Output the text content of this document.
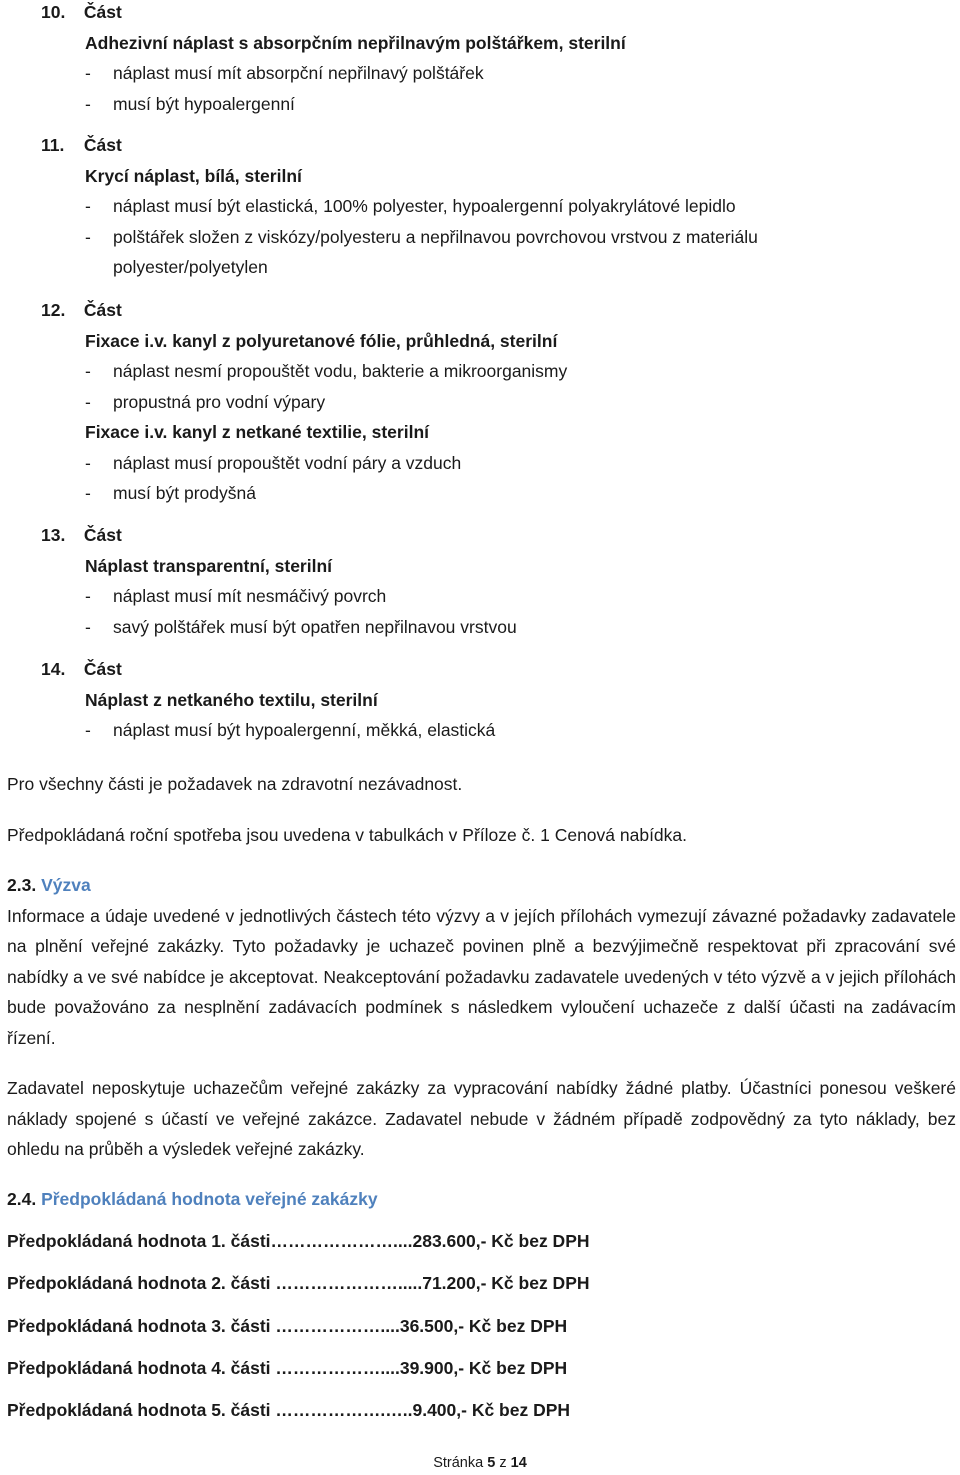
10. Část
Adhezivní náplast s absorpčním nepřilnavým polštářkem, sterilní
- náplast musí mít absorpční nepřilnavý polštářek
- musí být hypoalergenní
11. Část
Krycí náplast, bílá, sterilní
- náplast musí být elastická, 100% polyester, hypoalergenní polyakrylátové lepidlo
- polštářek složen z viskózy/polyesteru a nepřilnavou povrchovou vrstvou z materiálu polyester/polyetylen
12. Část
Fixace i.v. kanyl z polyuretanové fólie, průhledná, sterilní
- náplast nesmí propouštět vodu, bakterie a mikroorganismy
- propustná pro vodní výpary
Fixace i.v. kanyl z netkané textilie, sterilní
- náplast musí propouštět vodní páry a vzduch
- musí být prodyšná
13. Část
Náplast transparentní, sterilní
- náplast musí mít nesmáčivý povrch
- savý polštářek musí být opatřen nepřilnavou vrstvou
14. Část
Náplast z netkaného textilu, sterilní
- náplast musí být hypoalergenní, měkká, elastická
Pro všechny části je požadavek na zdravotní nezávadnost.
Předpokládaná roční spotřeba jsou uvedena v tabulkách v Příloze č. 1 Cenová nabídka.
2.3. Výzva

Informace a údaje uvedené v jednotlivých částech této výzvy a v jejích přílohách vymezují závazné požadavky zadavatele na plnění veřejné zakázky. Tyto požadavky je uchazeč povinen plně a bezvýjimečně respektovat při zpracování své nabídky a ve své nabídce je akceptovat. Neakceptování požadavku zadavatele uvedených v této výzvě a v jejich přílohách bude považováno za nesplnění zadávacích podmínek s následkem vyloučení uchazeče z další účasti na zadávacím řízení.

Zadavatel neposkytuje uchazečům veřejné zakázky za vypracování nabídky žádné platby. Účastníci ponesou veškeré náklady spojené s účastí ve veřejné zakázce. Zadavatel nebude v žádném případě zodpovědný za tyto náklady, bez ohledu na průběh a výsledek veřejné zakázky.

2.4. Předpokládaná hodnota veřejné zakázky
Předpokládaná hodnota 1. části…………………....283.600,- Kč bez DPH
Předpokládaná hodnota 2. části ………………….....71.200,- Kč bez DPH
Předpokládaná hodnota 3. části ………………....36.500,- Kč bez DPH
Předpokládaná hodnota 4. části ………………....39.900,- Kč bez DPH
Předpokládaná hodnota 5. části ……………….…..9.400,- Kč bez DPH
Stránka 5 z 14
